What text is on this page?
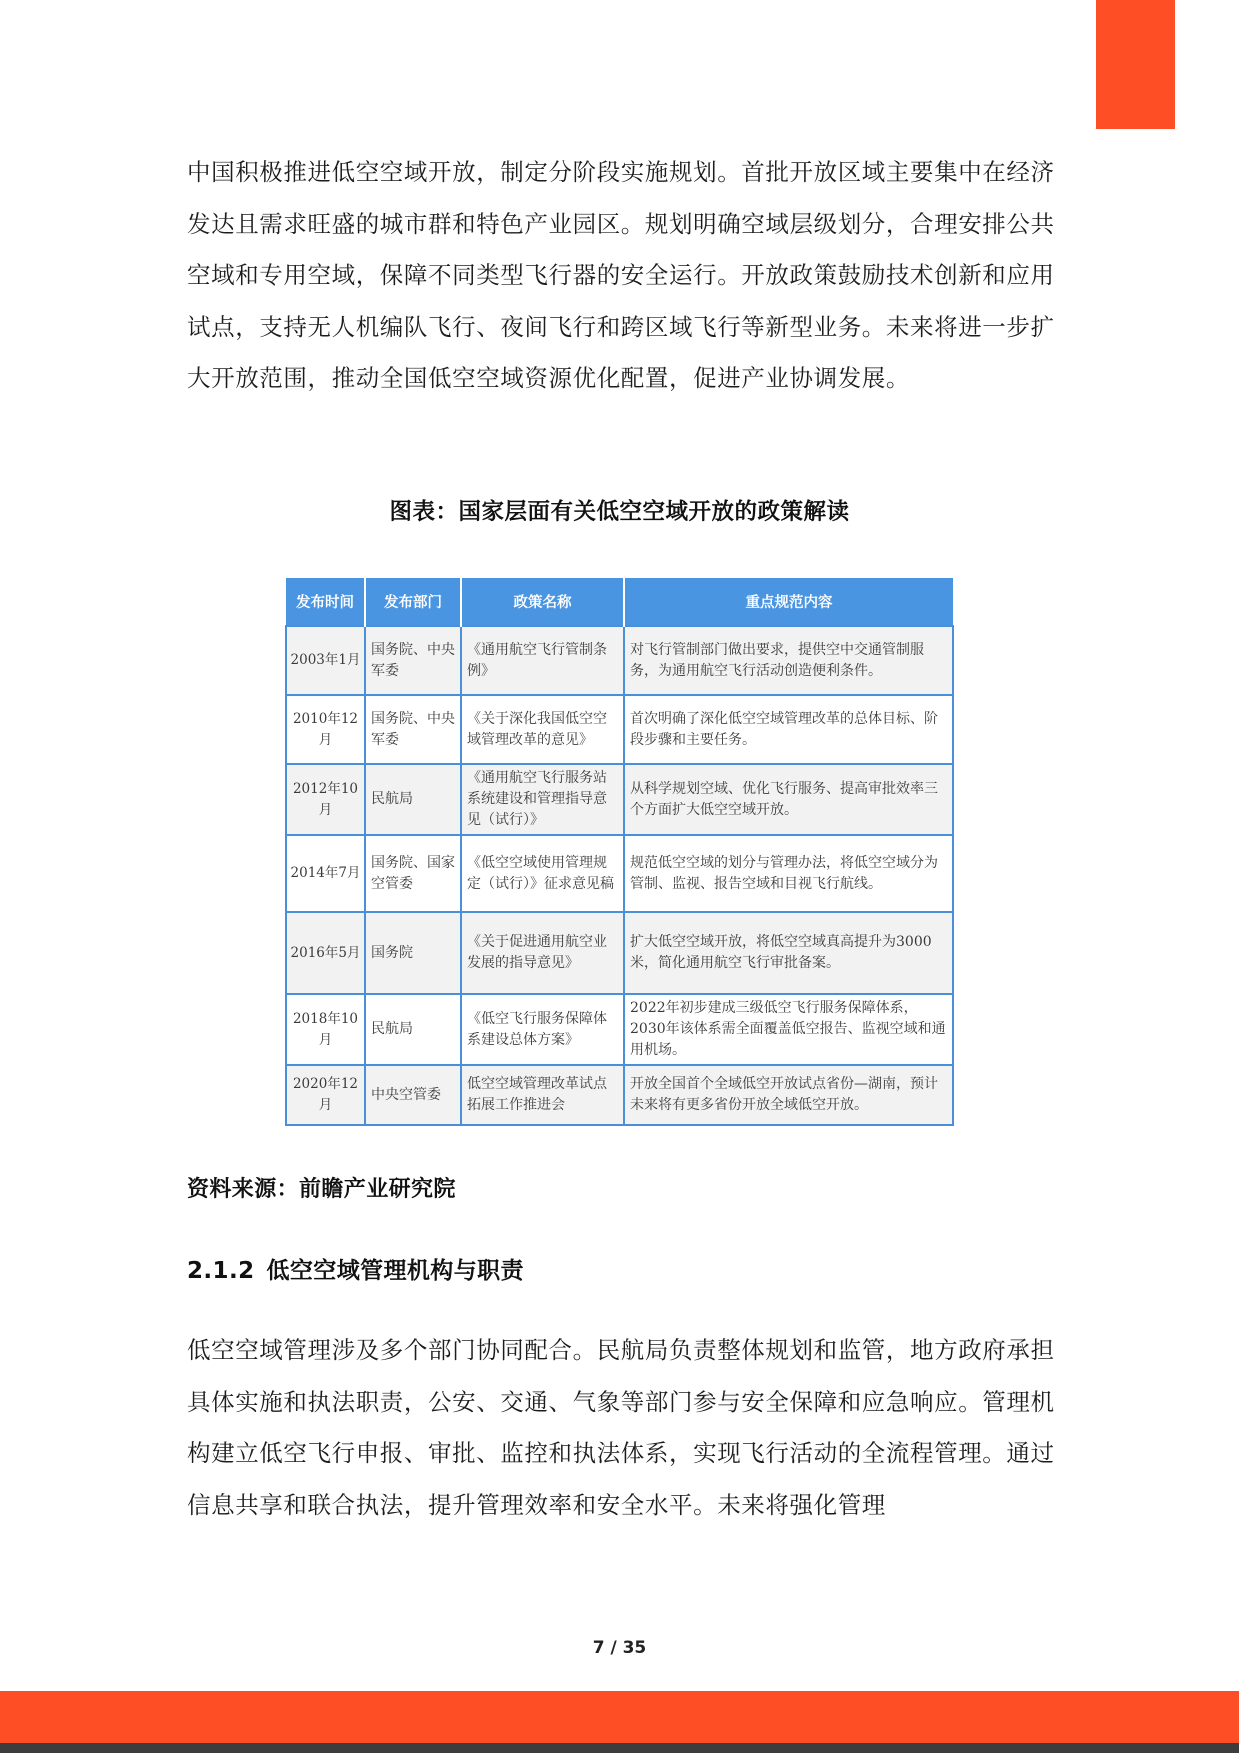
中国积极推进低空空域开放，制定分阶段实施规划。首批开放区域主要集中在经济发达且需求旺盛的城市群和特色产业园区。规划明确空域层级划分，合理安排公共空域和专用空域，保障不同类型飞行器的安全运行。开放政策鼓励技术创新和应用试点，支持无人机编队飞行、夜间飞行和跨区域飞行等新型业务。未来将进一步扩大开放范围，推动全国低空空域资源优化配置，促进产业协调发展。

图表：国家层面有关低空空域开放的政策解读
发布时间	发布部门	政策名称	重点规范内容
2003年1月	国务院、中央军委	《通用航空飞行管制条例》	对飞行管制部门做出要求，提供空中交通管制服务，为通用航空飞行活动创造便利条件。
2010年12月	国务院、中央军委	《关于深化我国低空空域管理改革的意见》	首次明确了深化低空空域管理改革的总体目标、阶段步骤和主要任务。
2012年10月	民航局	《通用航空飞行服务站系统建设和管理指导意见（试行）》	从科学规划空域、优化飞行服务、提高审批效率三个方面扩大低空空域开放。
2014年7月	国务院、国家空管委	《低空空域使用管理规定（试行）》征求意见稿	规范低空空域的划分与管理办法，将低空空域分为管制、监视、报告空域和目视飞行航线。
2016年5月	国务院	《关于促进通用航空业发展的指导意见》	扩大低空空域开放，将低空空域真高提升为3000米，简化通用航空飞行审批备案。
2018年10月	民航局	《低空飞行服务保障体系建设总体方案》	2022年初步建成三级低空飞行服务保障体系，2030年该体系需全面覆盖低空报告、监视空域和通用机场。
2020年12月	中央空管委	低空空域管理改革试点拓展工作推进会	开放全国首个全域低空开放试点省份—湖南，预计未来将有更多省份开放全域低空开放。
资料来源：前瞻产业研究院
2.1.2 低空空域管理机构与职责

低空空域管理涉及多个部门协同配合。民航局负责整体规划和监管，地方政府承担具体实施和执法职责，公安、交通、气象等部门参与安全保障和应急响应。管理机构建立低空飞行申报、审批、监控和执法体系，实现飞行活动的全流程管理。通过信息共享和联合执法，提升管理效率和安全水平。未来将强化管理

7 / 35
